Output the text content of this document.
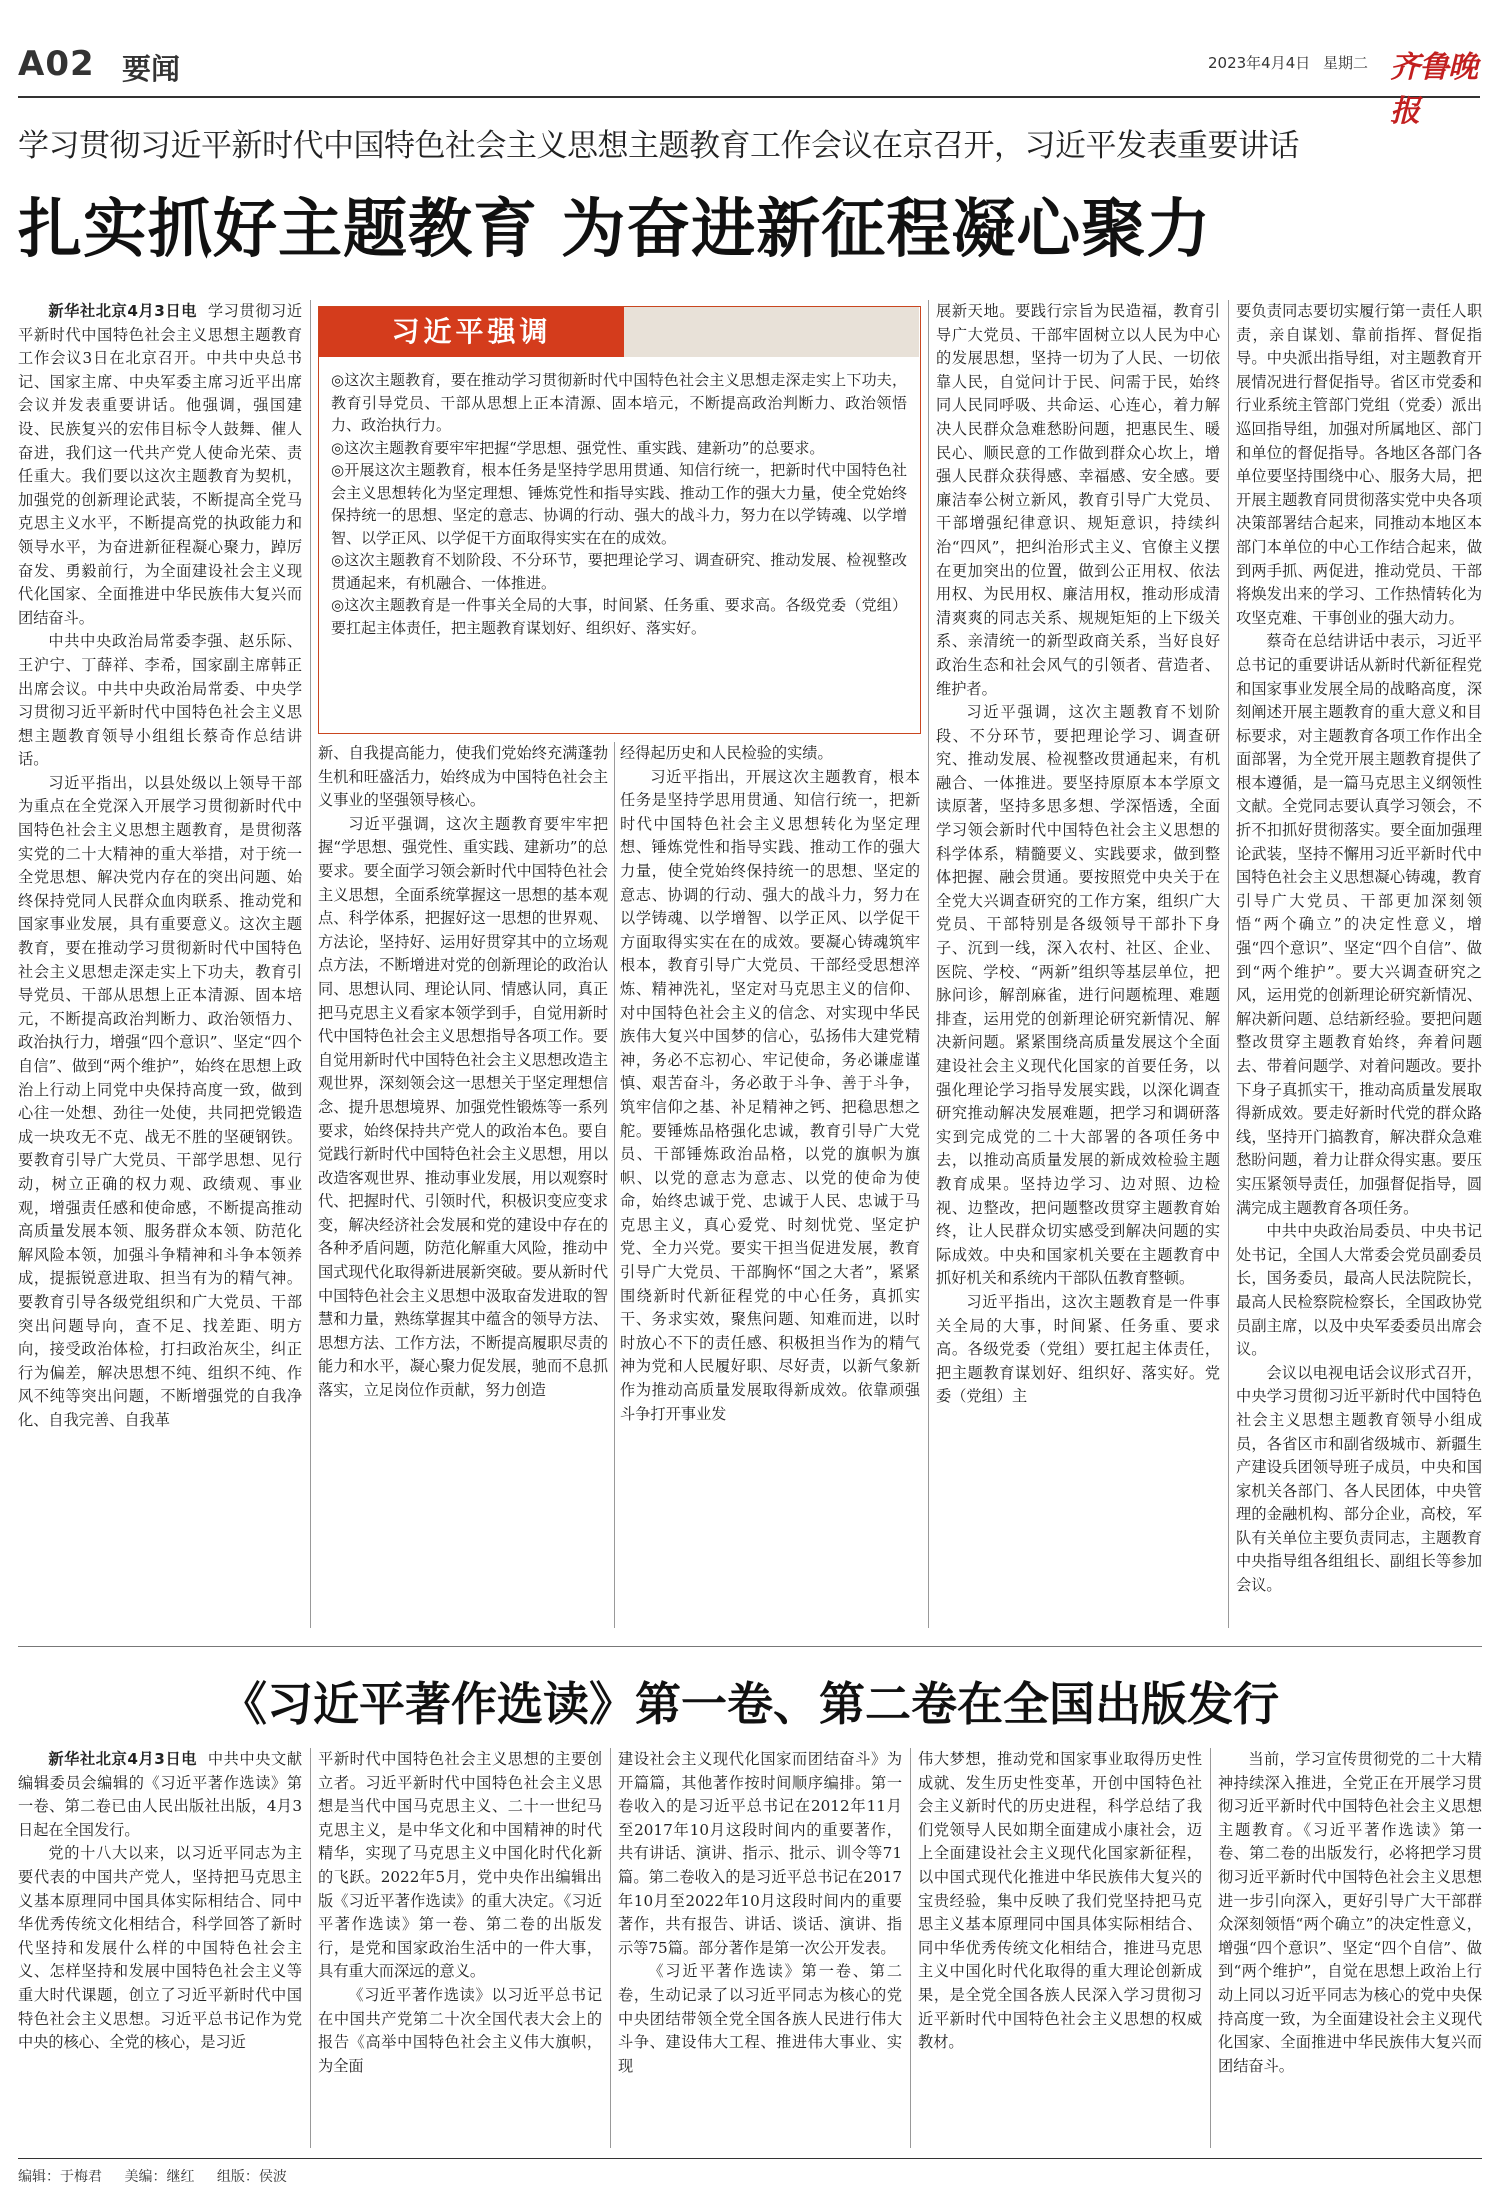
A02 要闻	2023年4月4日 星期二 齐鲁晚报
学习贯彻习近平新时代中国特色社会主义思想主题教育工作会议在京召开，习近平发表重要讲话
扎实抓好主题教育 为奋进新征程凝心聚力

新华社北京4月3日电 学习贯彻习近平新时代中国特色社会主义思想主题教育工作会议3日在北京召开。中共中央总书记、国家主席、中央军委主席习近平出席会议并发表重要讲话。他强调，强国建设、民族复兴的宏伟目标令人鼓舞、催人奋进，我们这一代共产党人使命光荣、责任重大。我们要以这次主题教育为契机，加强党的创新理论武装，不断提高全党马克思主义水平，不断提高党的执政能力和领导水平，为奋进新征程凝心聚力，踔厉奋发、勇毅前行，为全面建设社会主义现代化国家、全面推进中华民族伟大复兴而团结奋斗。

中共中央政治局常委李强、赵乐际、王沪宁、丁薛祥、李希，国家副主席韩正出席会议。中共中央政治局常委、中央学习贯彻习近平新时代中国特色社会主义思想主题教育领导小组组长蔡奇作总结讲话。

习近平指出，以县处级以上领导干部为重点在全党深入开展学习贯彻新时代中国特色社会主义思想主题教育，是贯彻落实党的二十大精神的重大举措，对于统一全党思想、解决党内存在的突出问题、始终保持党同人民群众血肉联系、推动党和国家事业发展，具有重要意义。这次主题教育，要在推动学习贯彻新时代中国特色社会主义思想走深走实上下功夫，教育引导党员、干部从思想上正本清源、固本培元，不断提高政治判断力、政治领悟力、政治执行力，增强“四个意识”、坚定“四个自信”、做到“两个维护”，始终在思想上政治上行动上同党中央保持高度一致，做到心往一处想、劲往一处使，共同把党锻造成一块攻无不克、战无不胜的坚硬钢铁。要教育引导广大党员、干部学思想、见行动，树立正确的权力观、政绩观、事业观，增强责任感和使命感，不断提高推动高质量发展本领、服务群众本领、防范化解风险本领，加强斗争精神和斗争本领养成，提振锐意进取、担当有为的精气神。要教育引导各级党组织和广大党员、干部突出问题导向，查不足、找差距、明方向，接受政治体检，打扫政治灰尘，纠正行为偏差，解决思想不纯、组织不纯、作风不纯等突出问题，不断增强党的自我净化、自我完善、自我革

习近平强调
◎这次主题教育，要在推动学习贯彻新时代中国特色社会主义思想走深走实上下功夫，教育引导党员、干部从思想上正本清源、固本培元，不断提高政治判断力、政治领悟力、政治执行力。
◎这次主题教育要牢牢把握“学思想、强党性、重实践、建新功”的总要求。
◎开展这次主题教育，根本任务是坚持学思用贯通、知信行统一，把新时代中国特色社会主义思想转化为坚定理想、锤炼党性和指导实践、推动工作的强大力量，使全党始终保持统一的思想、坚定的意志、协调的行动、强大的战斗力，努力在以学铸魂、以学增智、以学正风、以学促干方面取得实实在在的成效。
◎这次主题教育不划阶段、不分环节，要把理论学习、调查研究、推动发展、检视整改贯通起来，有机融合、一体推进。
◎这次主题教育是一件事关全局的大事，时间紧、任务重、要求高。各级党委（党组）要扛起主体责任，把主题教育谋划好、组织好、落实好。

新、自我提高能力，使我们党始终充满蓬勃生机和旺盛活力，始终成为中国特色社会主义事业的坚强领导核心。

习近平强调，这次主题教育要牢牢把握“学思想、强党性、重实践、建新功”的总要求。要全面学习领会新时代中国特色社会主义思想，全面系统掌握这一思想的基本观点、科学体系，把握好这一思想的世界观、方法论，坚持好、运用好贯穿其中的立场观点方法，不断增进对党的创新理论的政治认同、思想认同、理论认同、情感认同，真正把马克思主义看家本领学到手，自觉用新时代中国特色社会主义思想指导各项工作。要自觉用新时代中国特色社会主义思想改造主观世界，深刻领会这一思想关于坚定理想信念、提升思想境界、加强党性锻炼等一系列要求，始终保持共产党人的政治本色。要自觉践行新时代中国特色社会主义思想，用以改造客观世界、推动事业发展，用以观察时代、把握时代、引领时代，积极识变应变求变，解决经济社会发展和党的建设中存在的各种矛盾问题，防范化解重大风险，推动中国式现代化取得新进展新突破。要从新时代中国特色社会主义思想中汲取奋发进取的智慧和力量，熟练掌握其中蕴含的领导方法、思想方法、工作方法，不断提高履职尽责的能力和水平，凝心聚力促发展，驰而不息抓落实，立足岗位作贡献，努力创造

经得起历史和人民检验的实绩。

习近平指出，开展这次主题教育，根本任务是坚持学思用贯通、知信行统一，把新时代中国特色社会主义思想转化为坚定理想、锤炼党性和指导实践、推动工作的强大力量，使全党始终保持统一的思想、坚定的意志、协调的行动、强大的战斗力，努力在以学铸魂、以学增智、以学正风、以学促干方面取得实实在在的成效。要凝心铸魂筑牢根本，教育引导广大党员、干部经受思想淬炼、精神洗礼，坚定对马克思主义的信仰、对中国特色社会主义的信念、对实现中华民族伟大复兴中国梦的信心，弘扬伟大建党精神，务必不忘初心、牢记使命，务必谦虚谨慎、艰苦奋斗，务必敢于斗争、善于斗争，筑牢信仰之基、补足精神之钙、把稳思想之舵。要锤炼品格强化忠诚，教育引导广大党员、干部锤炼政治品格，以党的旗帜为旗帜、以党的意志为意志、以党的使命为使命，始终忠诚于党、忠诚于人民、忠诚于马克思主义，真心爱党、时刻忧党、坚定护党、全力兴党。要实干担当促进发展，教育引导广大党员、干部胸怀“国之大者”，紧紧围绕新时代新征程党的中心任务，真抓实干、务求实效，聚焦问题、知难而进，以时时放心不下的责任感、积极担当作为的精气神为党和人民履好职、尽好责，以新气象新作为推动高质量发展取得新成效。依靠顽强斗争打开事业发

展新天地。要践行宗旨为民造福，教育引导广大党员、干部牢固树立以人民为中心的发展思想，坚持一切为了人民、一切依靠人民，自觉问计于民、问需于民，始终同人民同呼吸、共命运、心连心，着力解决人民群众急难愁盼问题，把惠民生、暖民心、顺民意的工作做到群众心坎上，增强人民群众获得感、幸福感、安全感。要廉洁奉公树立新风，教育引导广大党员、干部增强纪律意识、规矩意识，持续纠治“四风”，把纠治形式主义、官僚主义摆在更加突出的位置，做到公正用权、依法用权、为民用权、廉洁用权，推动形成清清爽爽的同志关系、规规矩矩的上下级关系、亲清统一的新型政商关系，当好良好政治生态和社会风气的引领者、营造者、维护者。

习近平强调，这次主题教育不划阶段、不分环节，要把理论学习、调查研究、推动发展、检视整改贯通起来，有机融合、一体推进。要坚持原原本本学原文读原著，坚持多思多想、学深悟透，全面学习领会新时代中国特色社会主义思想的科学体系，精髓要义、实践要求，做到整体把握、融会贯通。要按照党中央关于在全党大兴调查研究的工作方案，组织广大党员、干部特别是各级领导干部扑下身子、沉到一线，深入农村、社区、企业、医院、学校、“两新”组织等基层单位，把脉问诊，解剖麻雀，进行问题梳理、难题排查，运用党的创新理论研究新情况、解决新问题。紧紧围绕高质量发展这个全面建设社会主义现代化国家的首要任务，以强化理论学习指导发展实践，以深化调查研究推动解决发展难题，把学习和调研落实到完成党的二十大部署的各项任务中去，以推动高质量发展的新成效检验主题教育成果。坚持边学习、边对照、边检视、边整改，把问题整改贯穿主题教育始终，让人民群众切实感受到解决问题的实际成效。中央和国家机关要在主题教育中抓好机关和系统内干部队伍教育整顿。

习近平指出，这次主题教育是一件事关全局的大事，时间紧、任务重、要求高。各级党委（党组）要扛起主体责任，把主题教育谋划好、组织好、落实好。党委（党组）主

要负责同志要切实履行第一责任人职责，亲自谋划、靠前指挥、督促指导。中央派出指导组，对主题教育开展情况进行督促指导。省区市党委和行业系统主管部门党组（党委）派出巡回指导组，加强对所属地区、部门和单位的督促指导。各地区各部门各单位要坚持围绕中心、服务大局，把开展主题教育同贯彻落实党中央各项决策部署结合起来，同推动本地区本部门本单位的中心工作结合起来，做到两手抓、两促进，推动党员、干部将焕发出来的学习、工作热情转化为攻坚克难、干事创业的强大动力。

蔡奇在总结讲话中表示，习近平总书记的重要讲话从新时代新征程党和国家事业发展全局的战略高度，深刻阐述开展主题教育的重大意义和目标要求，对主题教育各项工作作出全面部署，为全党开展主题教育提供了根本遵循，是一篇马克思主义纲领性文献。全党同志要认真学习领会，不折不扣抓好贯彻落实。要全面加强理论武装，坚持不懈用习近平新时代中国特色社会主义思想凝心铸魂，教育引导广大党员、干部更加深刻领悟“两个确立”的决定性意义，增强“四个意识”、坚定“四个自信”、做到“两个维护”。要大兴调查研究之风，运用党的创新理论研究新情况、解决新问题、总结新经验。要把问题整改贯穿主题教育始终，奔着问题去、带着问题学、对着问题改。要扑下身子真抓实干，推动高质量发展取得新成效。要走好新时代党的群众路线，坚持开门搞教育，解决群众急难愁盼问题，着力让群众得实惠。要压实压紧领导责任，加强督促指导，圆满完成主题教育各项任务。

中共中央政治局委员、中央书记处书记，全国人大常委会党员副委员长，国务委员，最高人民法院院长，最高人民检察院检察长，全国政协党员副主席，以及中央军委委员出席会议。

会议以电视电话会议形式召开，中央学习贯彻习近平新时代中国特色社会主义思想主题教育领导小组成员，各省区市和副省级城市、新疆生产建设兵团领导班子成员，中央和国家机关各部门、各人民团体，中央管理的金融机构、部分企业，高校，军队有关单位主要负责同志，主题教育中央指导组各组组长、副组长等参加会议。

《习近平著作选读》第一卷、第二卷在全国出版发行

新华社北京4月3日电 中共中央文献编辑委员会编辑的《习近平著作选读》第一卷、第二卷已由人民出版社出版，4月3日起在全国发行。

党的十八大以来，以习近平同志为主要代表的中国共产党人，坚持把马克思主义基本原理同中国具体实际相结合、同中华优秀传统文化相结合，科学回答了新时代坚持和发展什么样的中国特色社会主义、怎样坚持和发展中国特色社会主义等重大时代课题，创立了习近平新时代中国特色社会主义思想。习近平总书记作为党中央的核心、全党的核心，是习近

平新时代中国特色社会主义思想的主要创立者。习近平新时代中国特色社会主义思想是当代中国马克思主义、二十一世纪马克思主义，是中华文化和中国精神的时代精华，实现了马克思主义中国化时代化新的飞跃。2022年5月，党中央作出编辑出版《习近平著作选读》的重大决定。《习近平著作选读》第一卷、第二卷的出版发行，是党和国家政治生活中的一件大事，具有重大而深远的意义。

《习近平著作选读》以习近平总书记在中国共产党第二十次全国代表大会上的报告《高举中国特色社会主义伟大旗帜，为全面

建设社会主义现代化国家而团结奋斗》为开篇篇，其他著作按时间顺序编排。第一卷收入的是习近平总书记在2012年11月至2017年10月这段时间内的重要著作，共有讲话、演讲、指示、批示、训令等71篇。第二卷收入的是习近平总书记在2017年10月至2022年10月这段时间内的重要著作，共有报告、讲话、谈话、演讲、指示等75篇。部分著作是第一次公开发表。

《习近平著作选读》第一卷、第二卷，生动记录了以习近平同志为核心的党中央团结带领全党全国各族人民进行伟大斗争、建设伟大工程、推进伟大事业、实现

伟大梦想，推动党和国家事业取得历史性成就、发生历史性变革，开创中国特色社会主义新时代的历史进程，科学总结了我们党领导人民如期全面建成小康社会，迈上全面建设社会主义现代化国家新征程，以中国式现代化推进中华民族伟大复兴的宝贵经验，集中反映了我们党坚持把马克思主义基本原理同中国具体实际相结合、同中华优秀传统文化相结合，推进马克思主义中国化时代化取得的重大理论创新成果，是全党全国各族人民深入学习贯彻习近平新时代中国特色社会主义思想的权威教材。

当前，学习宣传贯彻党的二十大精神持续深入推进，全党正在开展学习贯彻习近平新时代中国特色社会主义思想主题教育。《习近平著作选读》第一卷、第二卷的出版发行，必将把学习贯彻习近平新时代中国特色社会主义思想进一步引向深入，更好引导广大干部群众深刻领悟“两个确立”的决定性意义，增强“四个意识”、坚定“四个自信”、做到“两个维护”，自觉在思想上政治上行动上同以习近平同志为核心的党中央保持高度一致，为全面建设社会主义现代化国家、全面推进中华民族伟大复兴而团结奋斗。

编辑：于梅君 美编：继红 组版：侯波
